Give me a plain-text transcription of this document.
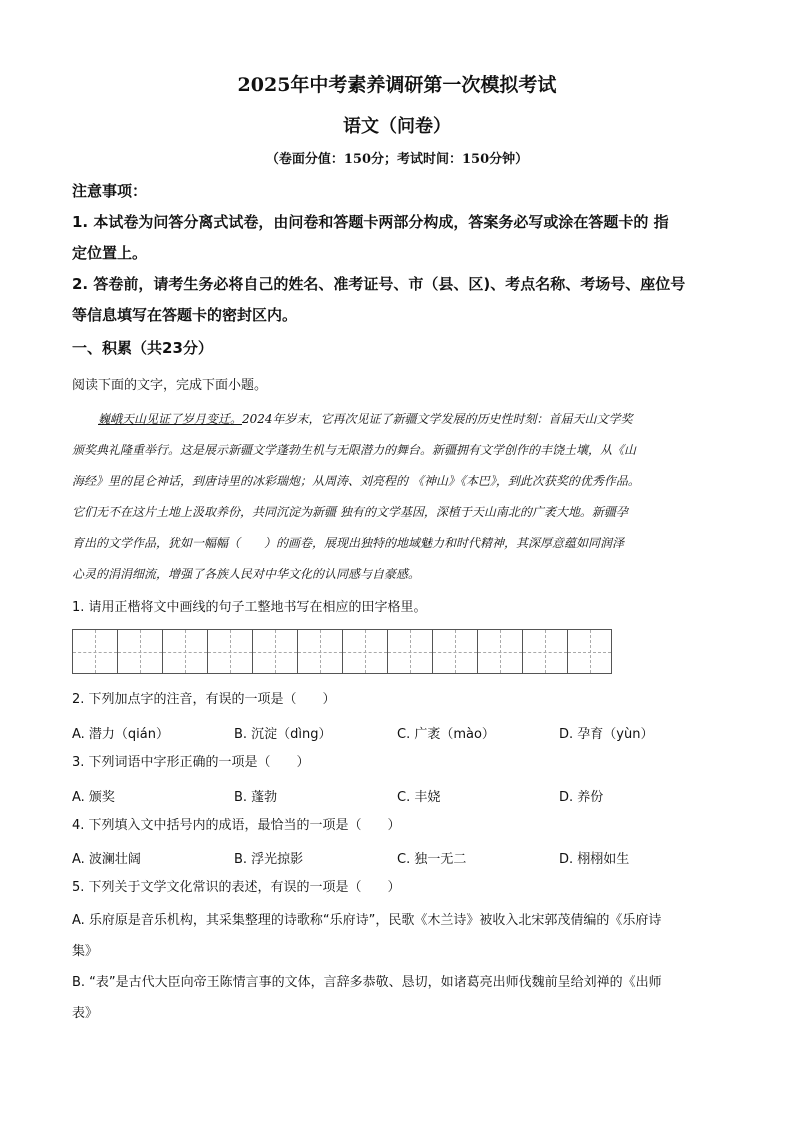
2025年中考素养调研第一次模拟考试
语文（问卷）
（卷面分值：150分；考试时间：150分钟）
注意事项：
1. 本试卷为问答分离式试卷，由问卷和答题卡两部分构成，答案务必写或涂在答题卡的 指
定位置上。
2. 答卷前，请考生务必将自己的姓名、准考证号、市（县、区)、考点名称、考场号、座位号
等信息填写在答题卡的密封区内。
一、积累（共23分）
阅读下面的文字，完成下面小题。
巍峨天山见证了岁月变迁。2024年岁末，它再次见证了新疆文学发展的历史性时刻：首届天山文学奖
颁奖典礼隆重举行。这是展示新疆文学蓬勃生机与无限潜力的舞台。新疆拥有文学创作的丰饶土壤，从《山
海经》里的昆仑神话，到唐诗里的冰彩瑞炮；从周涛、刘亮程的 《神山》《本巴》，到此次获奖的优秀作品。
它们无不在这片土地上汲取养份，共同沉淀为新疆 独有的文学基因，深植于天山南北的广袤大地。新疆孕
育出的文学作品，犹如一幅幅（　　）的画卷，展现出独特的地域魅力和时代精神，其深厚意蕴如同润泽
心灵的涓涓细流，增强了各族人民对中华文化的认同感与自豪感。
1. 请用正楷将文中画线的句子工整地书写在相应的田字格里。
2. 下列加点字的注音，有误的一项是（　　）
A. 潜力（qián）	B. 沉淀（dìng）	C. 广袤（mào）	D. 孕育（yùn）
3. 下列词语中字形正确的一项是（　　）
A. 颁奖	B. 蓬勃	C. 丰娆	D. 养份
4. 下列填入文中括号内的成语，最恰当的一项是（　　）
A. 波澜壮阔	B. 浮光掠影	C. 独一无二	D. 栩栩如生
5. 下列关于文学文化常识的表述，有误的一项是（　　）
A. 乐府原是音乐机构，其采集整理的诗歌称“乐府诗”，民歌《木兰诗》被收入北宋郭茂倩编的《乐府诗
集》
B. “表”是古代大臣向帝王陈情言事的文体，言辞多恭敬、恳切，如诸葛亮出师伐魏前呈给刘禅的《出师
表》
